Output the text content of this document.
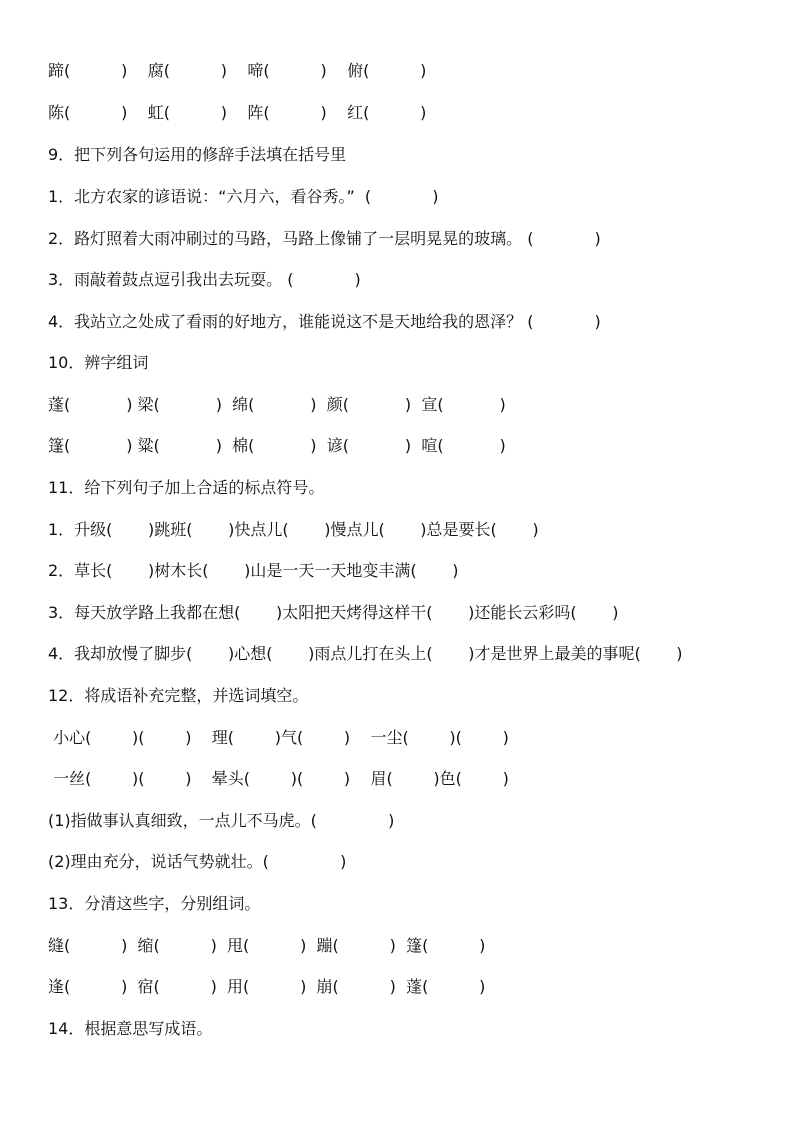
蹄(          )    腐(          )    啼(          )    俯(          )
陈(          )    虹(          )    阵(          )    红(          )
9．把下列各句运用的修辞手法填在括号里
1．北方农家的谚语说：“六月六，看谷秀。”  (            )
2．路灯照着大雨冲刷过的马路，马路上像铺了一层明晃晃的玻璃。 (            )
3．雨敲着鼓点逗引我出去玩耍。 (            )
4．我站立之处成了看雨的好地方，谁能说这不是天地给我的恩泽？ (            )
10．辨字组词
蓬(           ) 梁(           )  绵(           )  颜(           )  宣(           )
篷(           ) 粱(           )  棉(           )  谚(           )  喧(           )
11．给下列句子加上合适的标点符号。
1．升级(       )跳班(       )快点儿(       )慢点儿(       )总是要长(       )
2．草长(       )树木长(       )山是一天一天地变丰满(       )
3．每天放学路上我都在想(       )太阳把天烤得这样干(       )还能长云彩吗(       )
4．我却放慢了脚步(       )心想(       )雨点儿打在头上(       )才是世界上最美的事呢(       )
12．将成语补充完整，并选词填空。
小心(        )(        )    理(        )气(        )    一尘(        )(        )
一丝(        )(        )    晕头(        )(        )    眉(        )色(        )
(1)指做事认真细致，一点儿不马虎。(              )
(2)理由充分，说话气势就壮。(              )
13．分清这些字，分别组词。
缝(          )  缩(          )  甩(          )  蹦(          )  篷(          )
逢(          )  宿(          )  用(          )  崩(          )  蓬(          )
14．根据意思写成语。
